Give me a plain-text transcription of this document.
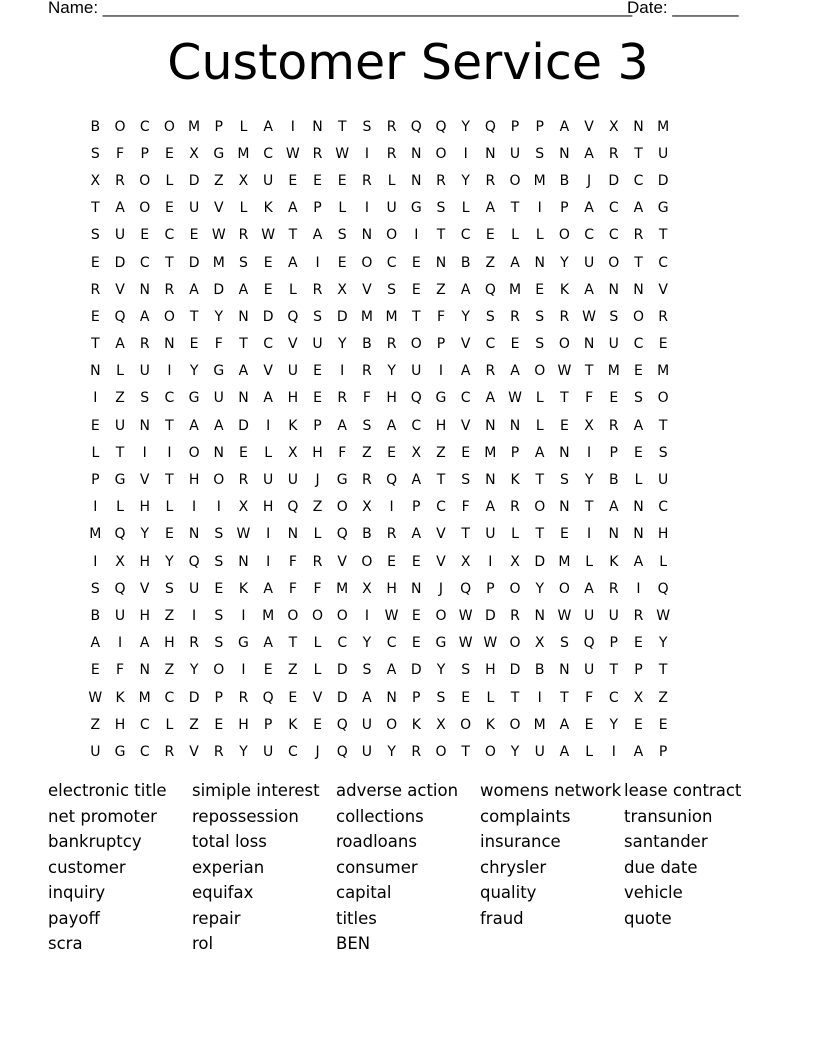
Name: ________________________________________________________
Date: _______
Customer Service 3
B	O	C	O M	P	L	A	I	N	T	S	R	Q Q	Y	Q	P	P	A	V	X	N M
S	F	P	E	X	G M C W R W	I	R	N O	I	N	U	S	N	A	R	T	U
X	R	O	L	D	Z	X	U	E	E	E	R	L	N	R	Y	R	O M B	J	D	C	D
T	A	O	E	U	V	L	K	A	P	L	I	U	G	S	L	A	T	I	P	A	C	A	G
S	U	E	C	E W R W T	A	S	N O	I	T	C	E	L	L	O	C	C	R	T
E	D	C	T	D M	S	E	A	I	E	O	C	E	N	B	Z	A	N	Y	U	O	T	C
R	V	N	R	A	D	A	E	L	R	X	V	S	E	Z	A	Q M	E	K	A	N	N	V
E	Q	A	O	T	Y	N	D Q	S	D M M	T	F	Y	S	R	S	R W S	O	R
T	A	R	N	E	F	T	C	V	U	Y	B	R	O	P	V	C	E	S	O N	U	C	E
N	L	U	I	Y	G	A	V	U	E	I	R	Y	U	I	A	R	A	O W T	M	E	M
I	Z	S	C	G	U	N	A	H	E	R	F	H Q G	C	A W L	T	F	E	S	O
E	U	N	T	A	A	D	I	K	P	A	S	A	C	H	V	N	N	L	E	X	R	A	T
L	T	I	I	O N	E	L	X	H	F	Z	E	X	Z	E	M	P	A	N	I	P	E	S
P	G	V	T	H O	R	U	U	J	G	R	Q	A	T	S	N	K	T	S	Y	B	L	U
I	L	H	L	I	I	X	H Q	Z	O	X	I	P	C	F	A	R	O N	T	A	N	C
M Q	Y	E	N	S W	I	N	L	Q	B	R	A	V	T	U	L	T	E	I	N	N	H
I	X	H	Y	Q	S	N	I	F	R	V	O	E	E	V	X	I	X	D M	L	K	A	L
S	Q	V	S	U	E	K	A	F	F	M X	H	N	J	Q	P	O	Y	O	A	R	I	Q
B	U	H	Z	I	S	I	M O O O	I	W E	O W D	R	N W U	U	R W
A	I	A	H	R	S	G	A	T	L	C	Y	C	E	G W W O	X	S	Q	P	E	Y
E	F	N	Z	Y	O	I	E	Z	L	D	S	A	D	Y	S	H	D	B	N	U	T	P	T
W K	M C	D	P	R	Q	E	V	D	A	N	P	S	E	L	T	I	T	F	C	X	Z
Z	H	C	L	Z	E	H	P	K	E	Q	U	O	K	X	O	K	O M A	E	Y	E	E
U	G	C	R	V	R	Y	U	C	J	Q	U	Y	R	O	T	O	Y	U	A	L	I	A	P
electronic title
net promoter
bankruptcy
customer
inquiry
payoff
scra
simiple interest
repossession
total loss
experian
equifax
repair
rol
adverse action
collections
roadloans
consumer
capital
titles
BEN
womens network
complaints
insurance
chrysler
quality
fraud
lease contract
transunion
santander
due date
vehicle
quote
